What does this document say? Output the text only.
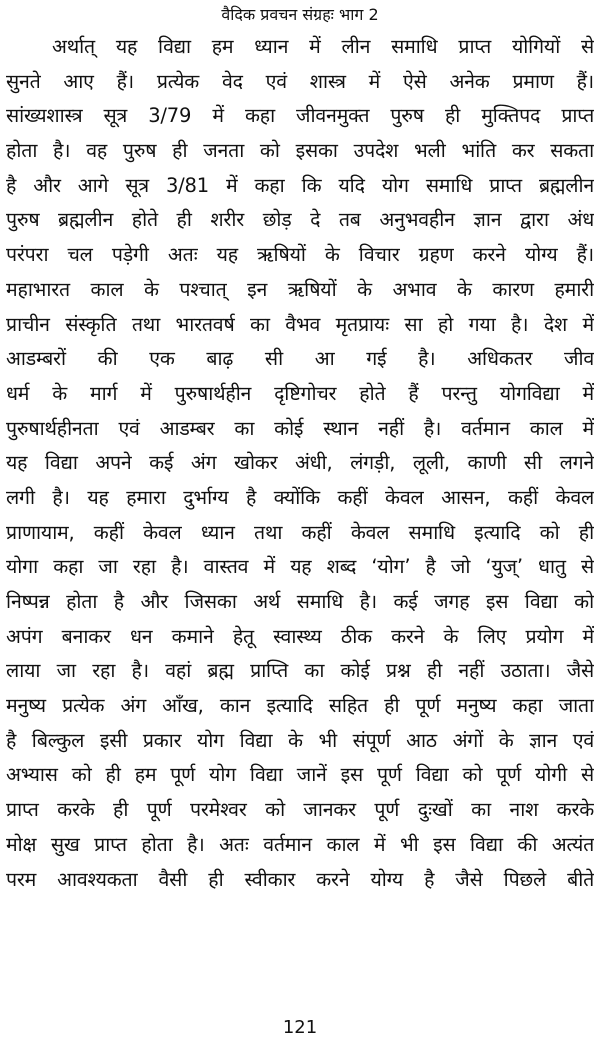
वैदिक प्रवचन संग्रहः भाग 2
अर्थात् यह विद्या हम ध्यान में लीन समाधि प्राप्त योगियों से
सुनते आए हैं। प्रत्येक वेद एवं शास्त्र में ऐसे अनेक प्रमाण हैं।
सांख्यशास्त्र सूत्र 3/79 में कहा जीवनमुक्त पुरुष ही मुक्तिपद प्राप्त
होता है। वह पुरुष ही जनता को इसका उपदेश भली भांति कर सकता
है और आगे सूत्र 3/81 में कहा कि यदि योग समाधि प्राप्त ब्रह्मलीन
पुरुष ब्रह्मलीन होते ही शरीर छोड़ दे तब अनुभवहीन ज्ञान द्वारा अंध
परंपरा चल पड़ेगी अतः यह ऋषियों के विचार ग्रहण करने योग्य हैं।
महाभारत काल के पश्चात् इन ऋषियों के अभाव के कारण हमारी
प्राचीन संस्कृति तथा भारतवर्ष का वैभव मृतप्रायः सा हो गया है। देश में
आडम्बरों की एक बाढ़ सी आ गई है। अधिकतर जीव
धर्म के मार्ग में पुरुषार्थहीन दृष्टिगोचर होते हैं परन्तु योगविद्या में
पुरुषार्थहीनता एवं आडम्बर का कोई स्थान नहीं है। वर्तमान काल में
यह विद्या अपने कई अंग खोकर अंधी, लंगड़ी, लूली, काणी सी लगने
लगी है। यह हमारा दुर्भाग्य है क्योंकि कहीं केवल आसन, कहीं केवल
प्राणायाम, कहीं केवल ध्यान तथा कहीं केवल समाधि इत्यादि को ही
योगा कहा जा रहा है। वास्तव में यह शब्द ‘योग’ है जो ‘युज्’ धातु से
निष्पन्न होता है और जिसका अर्थ समाधि है। कई जगह इस विद्या को
अपंग बनाकर धन कमाने हेतू स्वास्थ्य ठीक करने के लिए प्रयोग में
लाया जा रहा है। वहां ब्रह्म प्राप्ति का कोई प्रश्न ही नहीं उठाता। जैसे
मनुष्य प्रत्येक अंग आँख, कान इत्यादि सहित ही पूर्ण मनुष्य कहा जाता
है बिल्कुल इसी प्रकार योग विद्या के भी संपूर्ण आठ अंगों के ज्ञान एवं
अभ्यास को ही हम पूर्ण योग विद्या जानें इस पूर्ण विद्या को पूर्ण योगी से
प्राप्त करके ही पूर्ण परमेश्वर को जानकर पूर्ण दुःखों का नाश करके
मोक्ष सुख प्राप्त होता है। अतः वर्तमान काल में भी इस विद्या की अत्यंत
परम आवश्यकता वैसी ही स्वीकार करने योग्य है जैसे पिछले बीते
121
